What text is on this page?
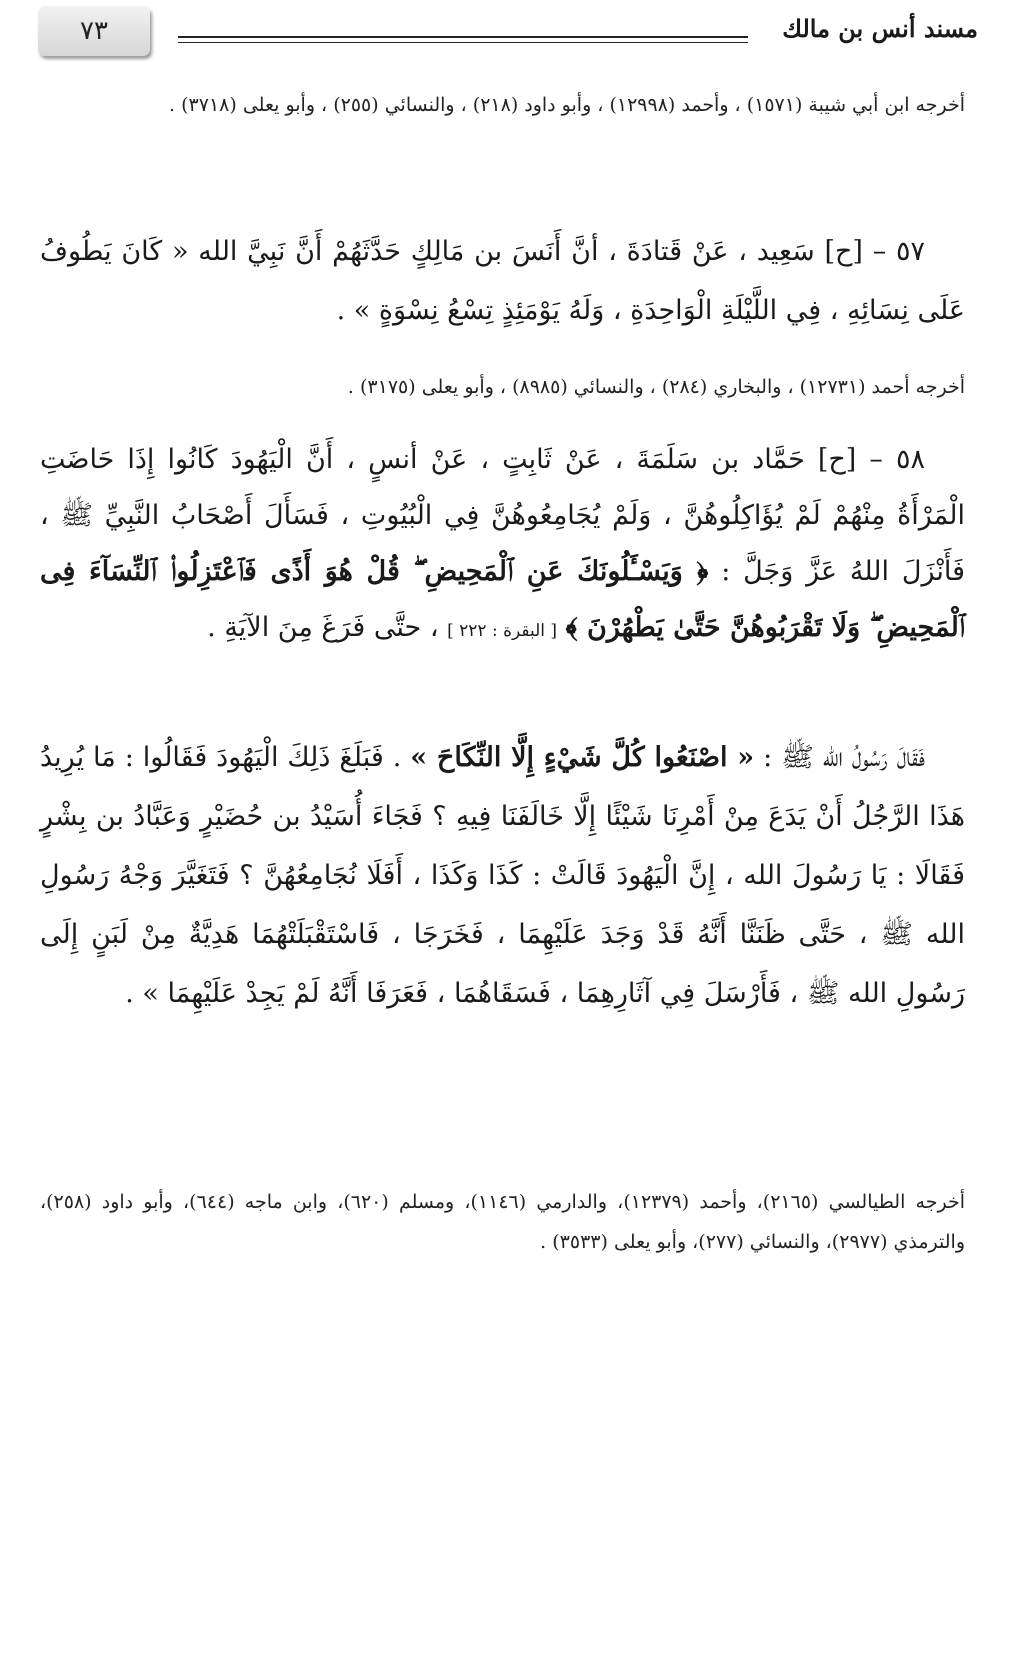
٧٣	مسند أنس بن مالك
أخرجه ابن أبي شيبة (١٥٧١) ، وأحمد (١٢٩٩٨) ، وأبو داود (٢١٨) ، والنسائي (٢٥٥) ، وأبو يعلى (٣٧١٨) .

٥٧ – [ح] سَعِيد ، عَنْ قَتادَةَ ، أنَّ أَنَسَ بن مَالِكٍ حَدَّثَهُمْ أَنَّ نَبِيَّ الله « كَانَ يَطُوفُ عَلَى نِسَائِهِ ، فِي اللَّيْلَةِ الْوَاحِدَةِ ، وَلَهُ يَوْمَئِذٍ تِسْعُ نِسْوَةٍ » .

أخرجه أحمد (١٢٧٣١) ، والبخاري (٢٨٤) ، والنسائي (٨٩٨٥) ، وأبو يعلى (٣١٧٥) .

٥٨ – [ح] حَمَّاد بن سَلَمَةَ ، عَنْ ثَابِتٍ ، عَنْ أنسٍ ، أَنَّ الْيَهُودَ كَانُوا إِذَا حَاضَتِ الْمَرْأَةُ مِنْهُمْ لَمْ يُؤَاكِلُوهُنَّ ، وَلَمْ يُجَامِعُوهُنَّ فِي الْبُيُوتِ ، فَسَأَلَ أَصْحَابُ النَّبِيِّ ﷺ ، فَأَنْزَلَ اللهُ عَزَّ وَجَلَّ : ﴿ وَيَسْـَٔلُونَكَ عَنِ ٱلْمَحِيضِ ۖ قُلْ هُوَ أَذًى فَٱعْتَزِلُوا۟ ٱلنِّسَآءَ فِى ٱلْمَحِيضِ ۖ وَلَا تَقْرَبُوهُنَّ حَتَّىٰ يَطْهُرْنَ ﴾ [ البقرة : ٢٢٢ ] ، حتَّى فَرَغَ مِنَ الآيَةِ .

فَقَالَ رَسُولُ الله ﷺ : « اصْنَعُوا كُلَّ شَيْءٍ إِلَّا النِّكَاحَ » . فَبَلَغَ ذَلِكَ الْيَهُودَ فَقَالُوا : مَا يُرِيدُ هَذَا الرَّجُلُ أَنْ يَدَعَ مِنْ أَمْرِنَا شَيْئًا إِلَّا خَالَفَنَا فِيهِ ؟ فَجَاءَ أُسَيْدُ بن حُضَيْرٍ وَعَبَّادُ بن بِشْرٍ فَقَالَا : يَا رَسُولَ الله ، إِنَّ الْيَهُودَ قَالَتْ : كَذَا وَكَذَا ، أَفَلَا نُجَامِعُهُنَّ ؟ فَتَغَيَّرَ وَجْهُ رَسُولِ الله ﷺ ، حَتَّى ظَنَنَّا أَنَّهُ قَدْ وَجَدَ عَلَيْهِمَا ، فَخَرَجَا ، فَاسْتَقْبَلَتْهُمَا هَدِيَّةٌ مِنْ لَبَنٍ إِلَى رَسُولِ الله ﷺ ، فَأَرْسَلَ فِي آثَارِهِمَا ، فَسَقَاهُمَا ، فَعَرَفَا أَنَّهُ لَمْ يَجِدْ عَلَيْهِمَا » .

أخرجه الطيالسي (٢١٦٥)، وأحمد (١٢٣٧٩)، والدارمي (١١٤٦)، ومسلم (٦٢٠)، وابن ماجه (٦٤٤)، وأبو داود (٢٥٨)، والترمذي (٢٩٧٧)، والنسائي (٢٧٧)، وأبو يعلى (٣٥٣٣) .
